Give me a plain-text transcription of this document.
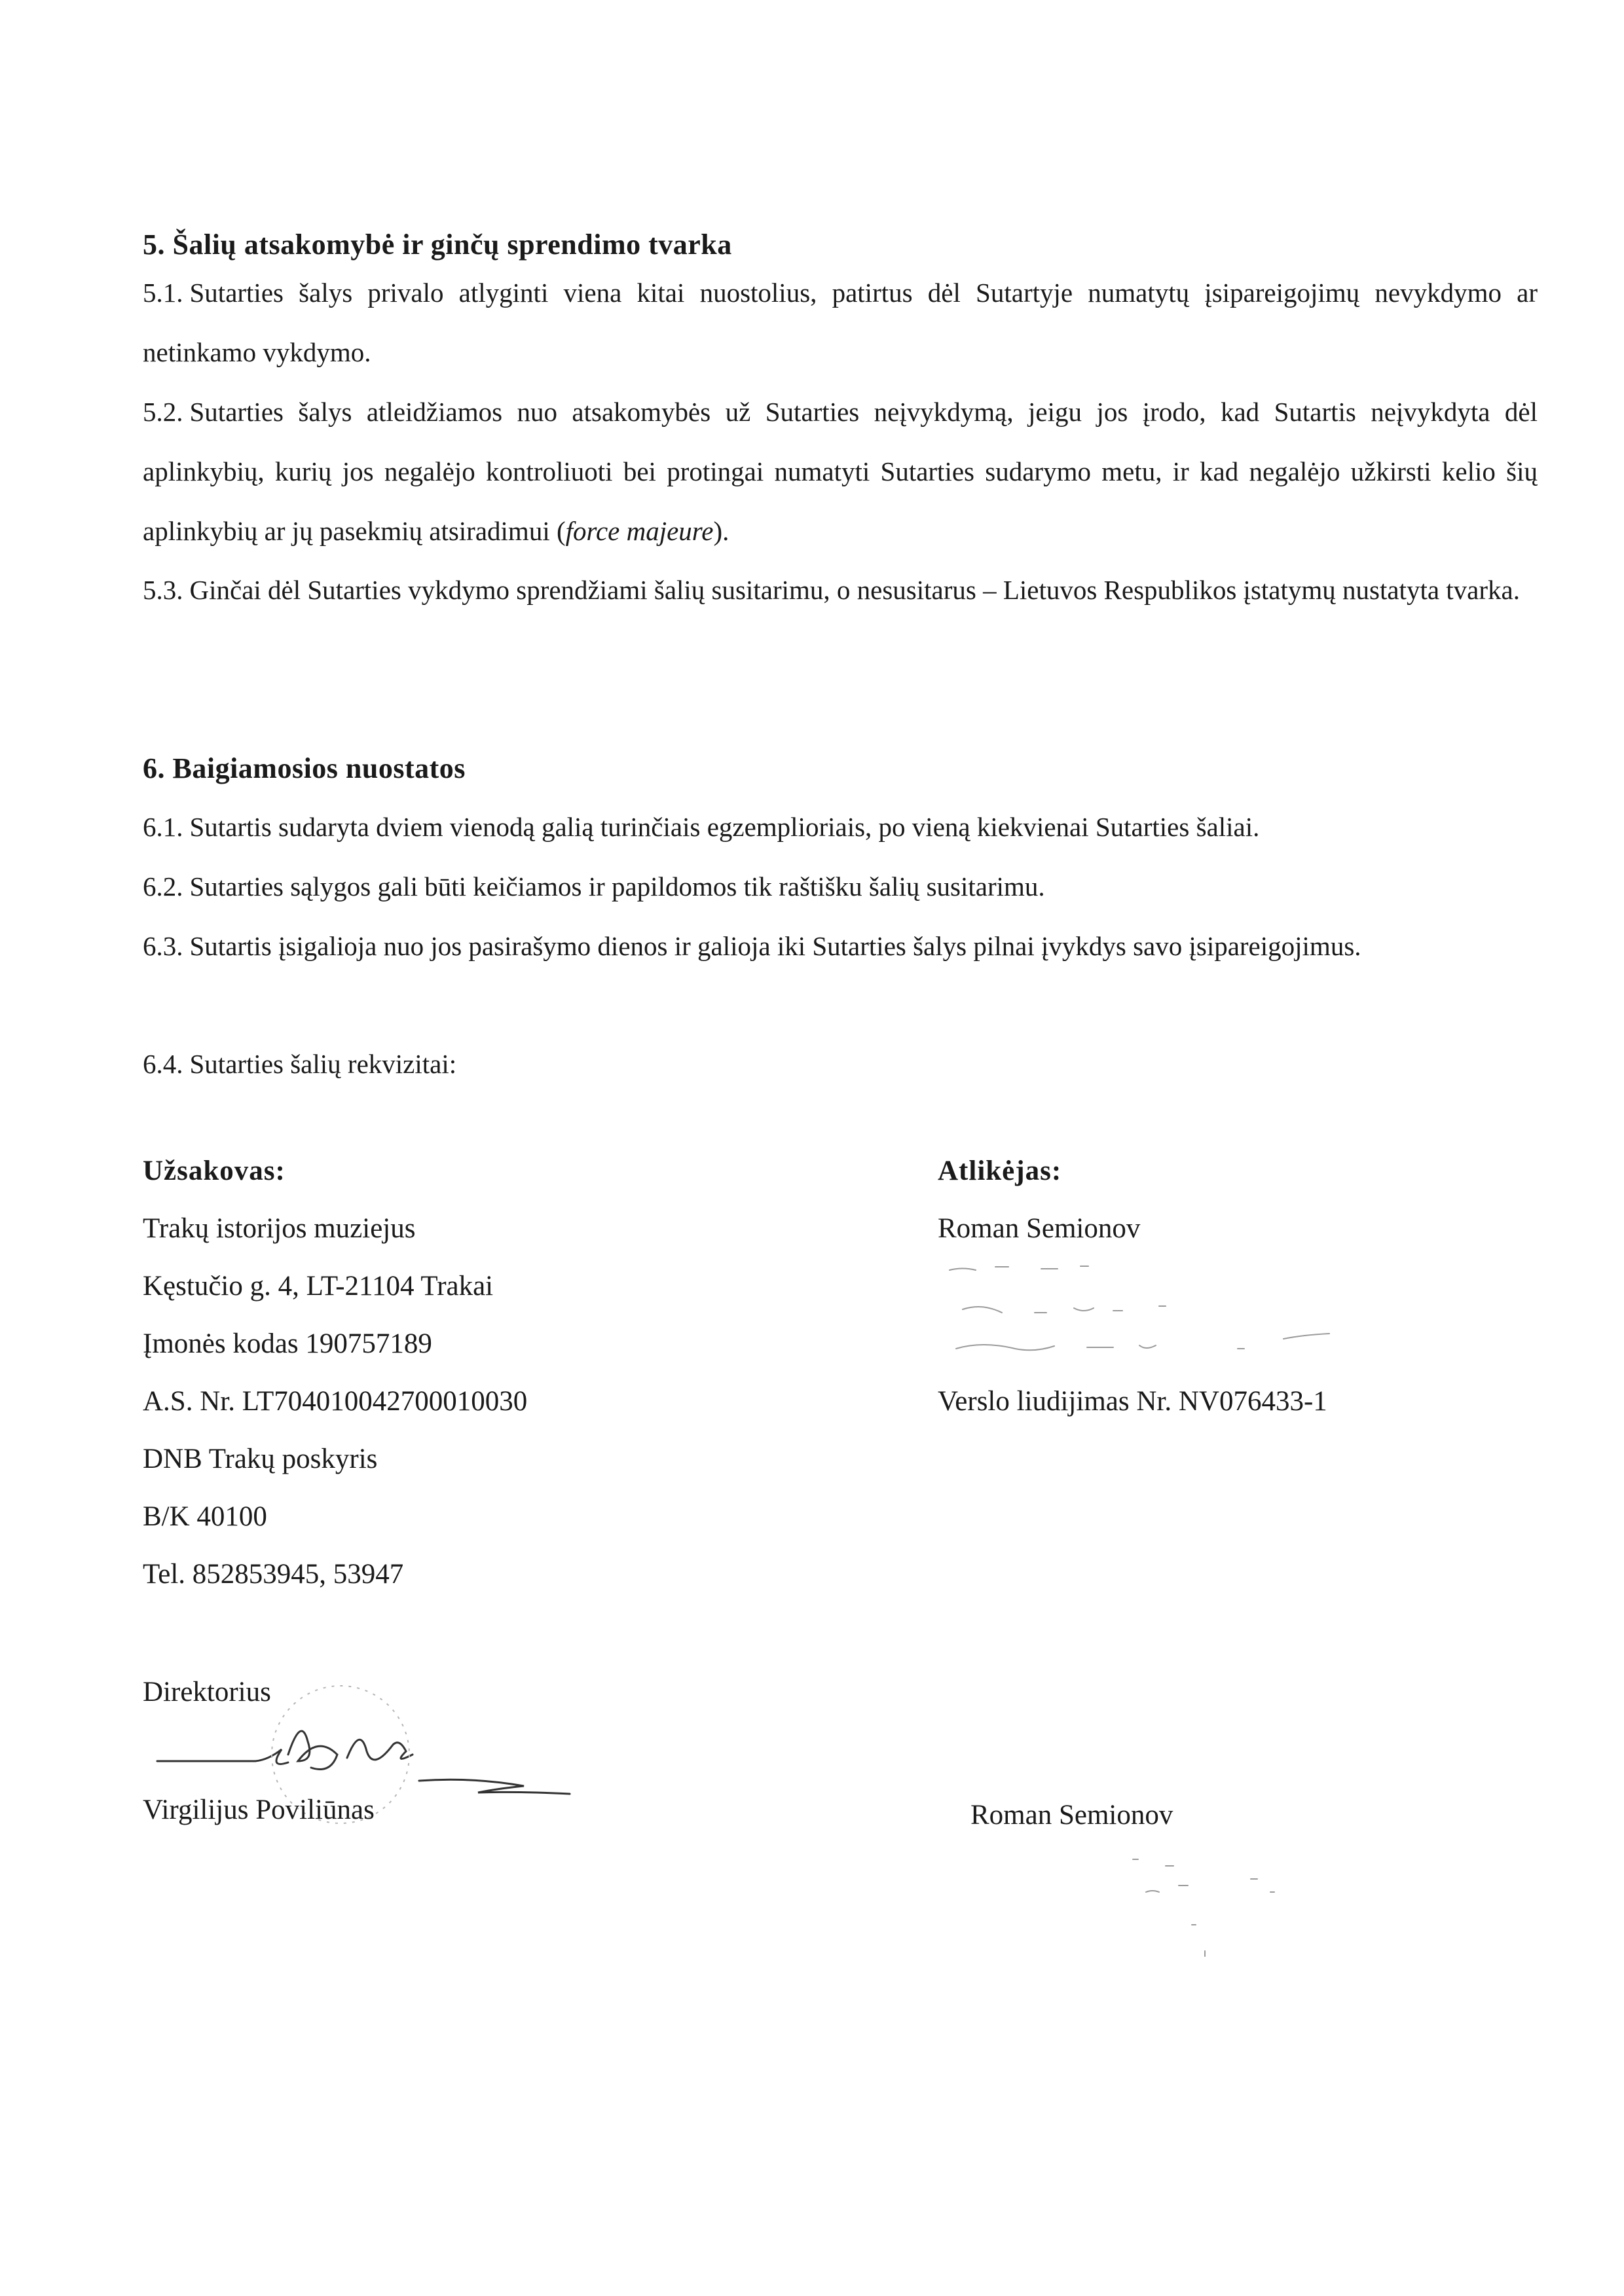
5. Šalių atsakomybė ir ginčų sprendimo tvarka
5.1. Sutarties šalys privalo atlyginti viena kitai nuostolius, patirtus dėl Sutartyje numatytų įsipareigojimų nevykdymo ar netinkamo vykdymo.
5.2. Sutarties šalys atleidžiamos nuo atsakomybės už Sutarties neįvykdymą, jeigu jos įrodo, kad Sutartis neįvykdyta dėl aplinkybių, kurių jos negalėjo kontroliuoti bei protingai numatyti Sutarties sudarymo metu, ir kad negalėjo užkirsti kelio šių aplinkybių ar jų pasekmių atsiradimui (force majeure).
5.3. Ginčai dėl Sutarties vykdymo sprendžiami šalių susitarimu, o nesusitarus – Lietuvos Respublikos įstatymų nustatyta tvarka.
6. Baigiamosios nuostatos
6.1. Sutartis sudaryta dviem vienodą galią turinčiais egzemplioriais, po vieną kiekvienai Sutarties šaliai.
6.2. Sutarties sąlygos gali būti keičiamos ir papildomos tik raštišku šalių susitarimu.
6.3. Sutartis įsigalioja nuo jos pasirašymo dienos ir galioja iki Sutarties šalys pilnai įvykdys savo įsipareigojimus.
6.4. Sutarties šalių rekvizitai:
Užsakovas:
Trakų istorijos muziejus
Kęstučio g. 4, LT-21104 Trakai
Įmonės kodas 190757189
A.S. Nr. LT704010042700010030
DNB Trakų poskyris
B/K 40100
Tel. 852853945, 53947
Atlikėjas:
Roman Semionov
Verslo liudijimas Nr. NV076433-1
Direktorius
Virgilijus Poviliūnas	Roman Semionov
